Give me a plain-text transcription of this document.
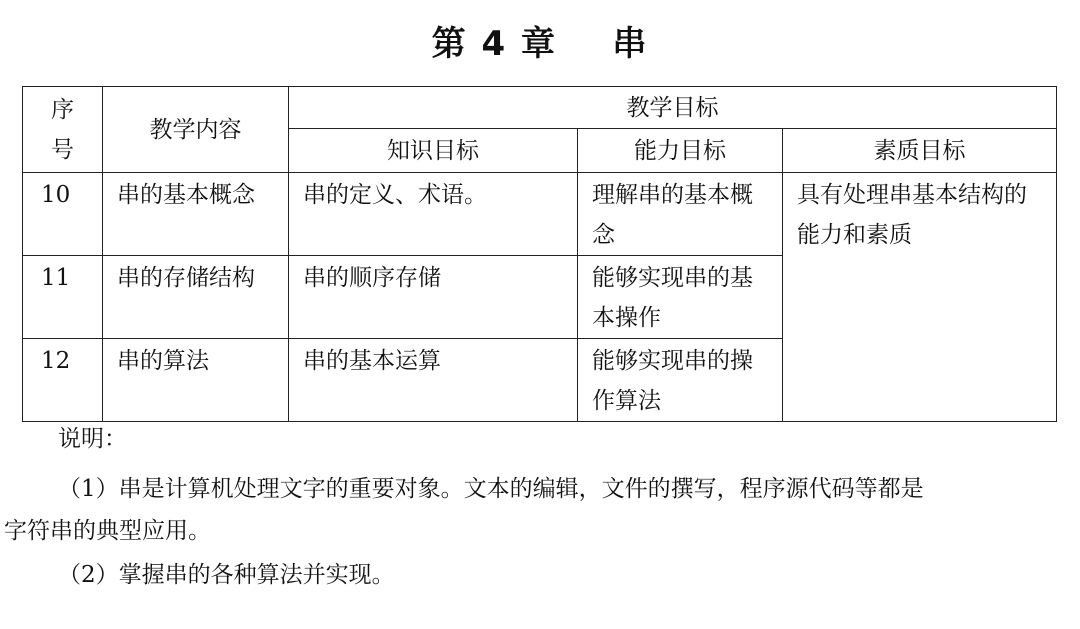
第 4 章    串
序
号	教学内容	教学目标		
		知识目标	能力目标	素质目标
10	串的基本概念	串的定义、术语。	理解串的基本概念	具有处理串基本结构的能力和素质
11	串的存储结构	串的顺序存储	能够实现串的基本操作	
12	串的算法	串的基本运算	能够实现串的操作算法	
说明：
（1）串是计算机处理文字的重要对象。文本的编辑，文件的撰写，程序源代码等都是
字符串的典型应用。
（2）掌握串的各种算法并实现。
